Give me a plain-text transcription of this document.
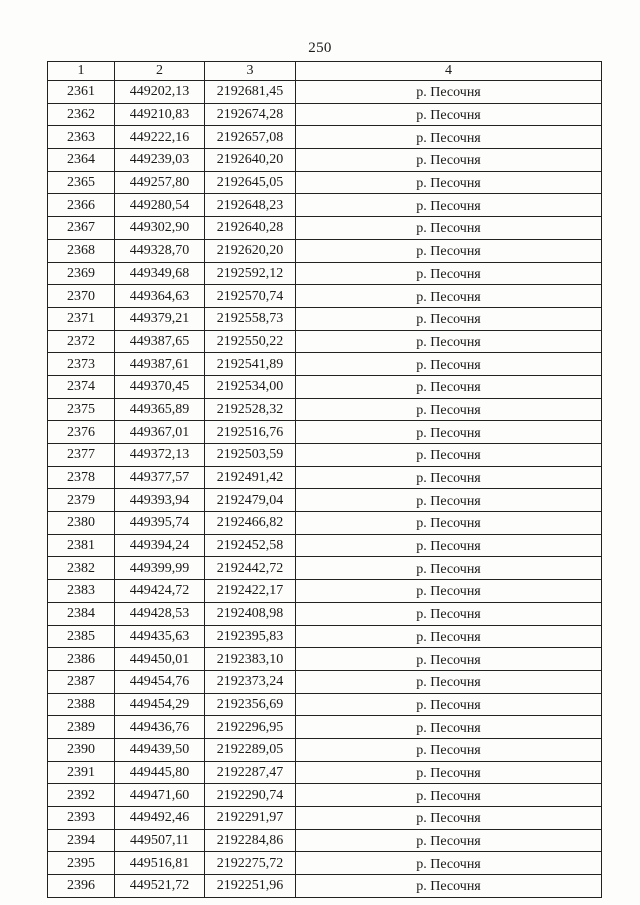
250
1	2	3	4
2361	449202,13	2192681,45	р. Песочня
2362	449210,83	2192674,28	р. Песочня
2363	449222,16	2192657,08	р. Песочня
2364	449239,03	2192640,20	р. Песочня
2365	449257,80	2192645,05	р. Песочня
2366	449280,54	2192648,23	р. Песочня
2367	449302,90	2192640,28	р. Песочня
2368	449328,70	2192620,20	р. Песочня
2369	449349,68	2192592,12	р. Песочня
2370	449364,63	2192570,74	р. Песочня
2371	449379,21	2192558,73	р. Песочня
2372	449387,65	2192550,22	р. Песочня
2373	449387,61	2192541,89	р. Песочня
2374	449370,45	2192534,00	р. Песочня
2375	449365,89	2192528,32	р. Песочня
2376	449367,01	2192516,76	р. Песочня
2377	449372,13	2192503,59	р. Песочня
2378	449377,57	2192491,42	р. Песочня
2379	449393,94	2192479,04	р. Песочня
2380	449395,74	2192466,82	р. Песочня
2381	449394,24	2192452,58	р. Песочня
2382	449399,99	2192442,72	р. Песочня
2383	449424,72	2192422,17	р. Песочня
2384	449428,53	2192408,98	р. Песочня
2385	449435,63	2192395,83	р. Песочня
2386	449450,01	2192383,10	р. Песочня
2387	449454,76	2192373,24	р. Песочня
2388	449454,29	2192356,69	р. Песочня
2389	449436,76	2192296,95	р. Песочня
2390	449439,50	2192289,05	р. Песочня
2391	449445,80	2192287,47	р. Песочня
2392	449471,60	2192290,74	р. Песочня
2393	449492,46	2192291,97	р. Песочня
2394	449507,11	2192284,86	р. Песочня
2395	449516,81	2192275,72	р. Песочня
2396	449521,72	2192251,96	р. Песочня
